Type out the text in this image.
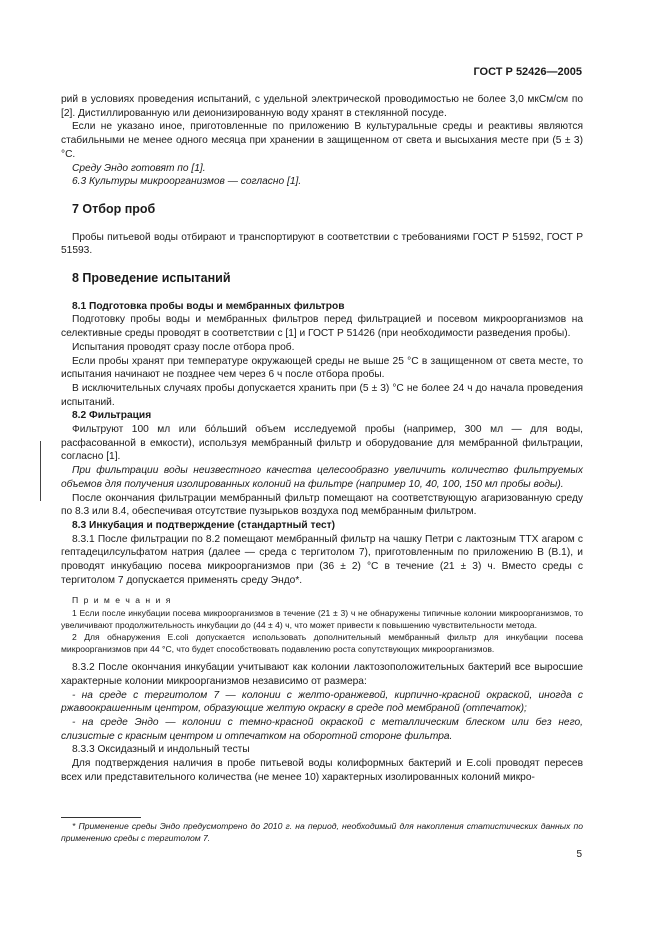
ГОСТ Р 52426—2005

рий в условиях проведения испытаний, с удельной электрической проводимостью не более 3,0 мкСм/см по [2]. Дистиллированную или деионизированную воду хранят в стеклянной посуде.

Если не указано иное, приготовленные по приложению В культуральные среды и реактивы являются стабильными не менее одного месяца при хранении в защищенном от света и высыхания месте при (5 ± 3) °С.

Среду Эндо готовят по [1].

6.3 Культуры микроорганизмов — согласно [1].

7 Отбор проб

Пробы питьевой воды отбирают и транспортируют в соответствии с требованиями ГОСТ Р 51592, ГОСТ Р 51593.

8 Проведение испытаний

8.1 Подготовка пробы воды и мембранных фильтров

Подготовку пробы воды и мембранных фильтров перед фильтрацией и посевом микроорганизмов на селективные среды проводят в соответствии с [1] и ГОСТ Р 51426 (при необходимости разведения пробы).

Испытания проводят сразу после отбора проб.

Если пробы хранят при температуре окружающей среды не выше 25 °С в защищенном от света месте, то испытания начинают не позднее чем через 6 ч после отбора пробы.

В исключительных случаях пробы допускается хранить при (5 ± 3) °С не более 24 ч до начала проведения испытаний.

8.2 Фильтрация

Фильтруют 100 мл или бóльший объем исследуемой пробы (например, 300 мл — для воды, расфасованной в емкости), используя мембранный фильтр и оборудование для мембранной фильтрации, согласно [1].

При фильтрации воды неизвестного качества целесообразно увеличить количество фильтруемых объемов для получения изолированных колоний на фильтре (например 10, 40, 100, 150 мл пробы воды).

После окончания фильтрации мембранный фильтр помещают на соответствующую агаризованную среду по 8.3 или 8.4, обеспечивая отсутствие пузырьков воздуха под мембранным фильтром.

8.3 Инкубация и подтверждение (стандартный тест)

8.3.1 После фильтрации по 8.2 помещают мембранный фильтр на чашку Петри с лактозным ТТХ агаром с гептадецилсульфатом натрия (далее — среда с тергитолом 7), приготовленным по приложению В (В.1), и проводят инкубацию посева микроорганизмов при (36 ± 2) °С в течение (21 ± 3) ч. Вместо среды с тергитолом 7 допускается применять среду Эндо*.

П р и м е ч а н и я

1 Если после инкубации посева микроорганизмов в течение (21 ± 3) ч не обнаружены типичные колонии микроорганизмов, то увеличивают продолжительность инкубации до (44 ± 4) ч, что может привести к повышению чувствительности метода.

2 Для обнаружения E.coli допускается использовать дополнительный мембранный фильтр для инкубации посева микроорганизмов при 44 °С, что будет способствовать подавлению роста сопутствующих микроорганизмов.

8.3.2 После окончания инкубации учитывают как колонии лактозоположительных бактерий все выросшие характерные колонии микроорганизмов независимо от размера:

- на среде с тергитолом 7 — колонии с желто-оранжевой, кирпично-красной окраской, иногда с ржавоокрашенным центром, образующие желтую окраску в среде под мембраной (отпечаток);

- на среде Эндо — колонии с темно-красной окраской с металлическим блеском или без него, слизистые с красным центром и отпечатком на оборотной стороне фильтра.

8.3.3 Оксидазный и индольный тесты

Для подтверждения наличия в пробе питьевой воды колиформных бактерий и E.coli проводят пересев всех или представительного количества (не менее 10) характерных изолированных колоний микро-

* Применение среды Эндо предусмотрено до 2010 г. на период, необходимый для накопления статистических данных по применению среды с тергитолом 7.
5
